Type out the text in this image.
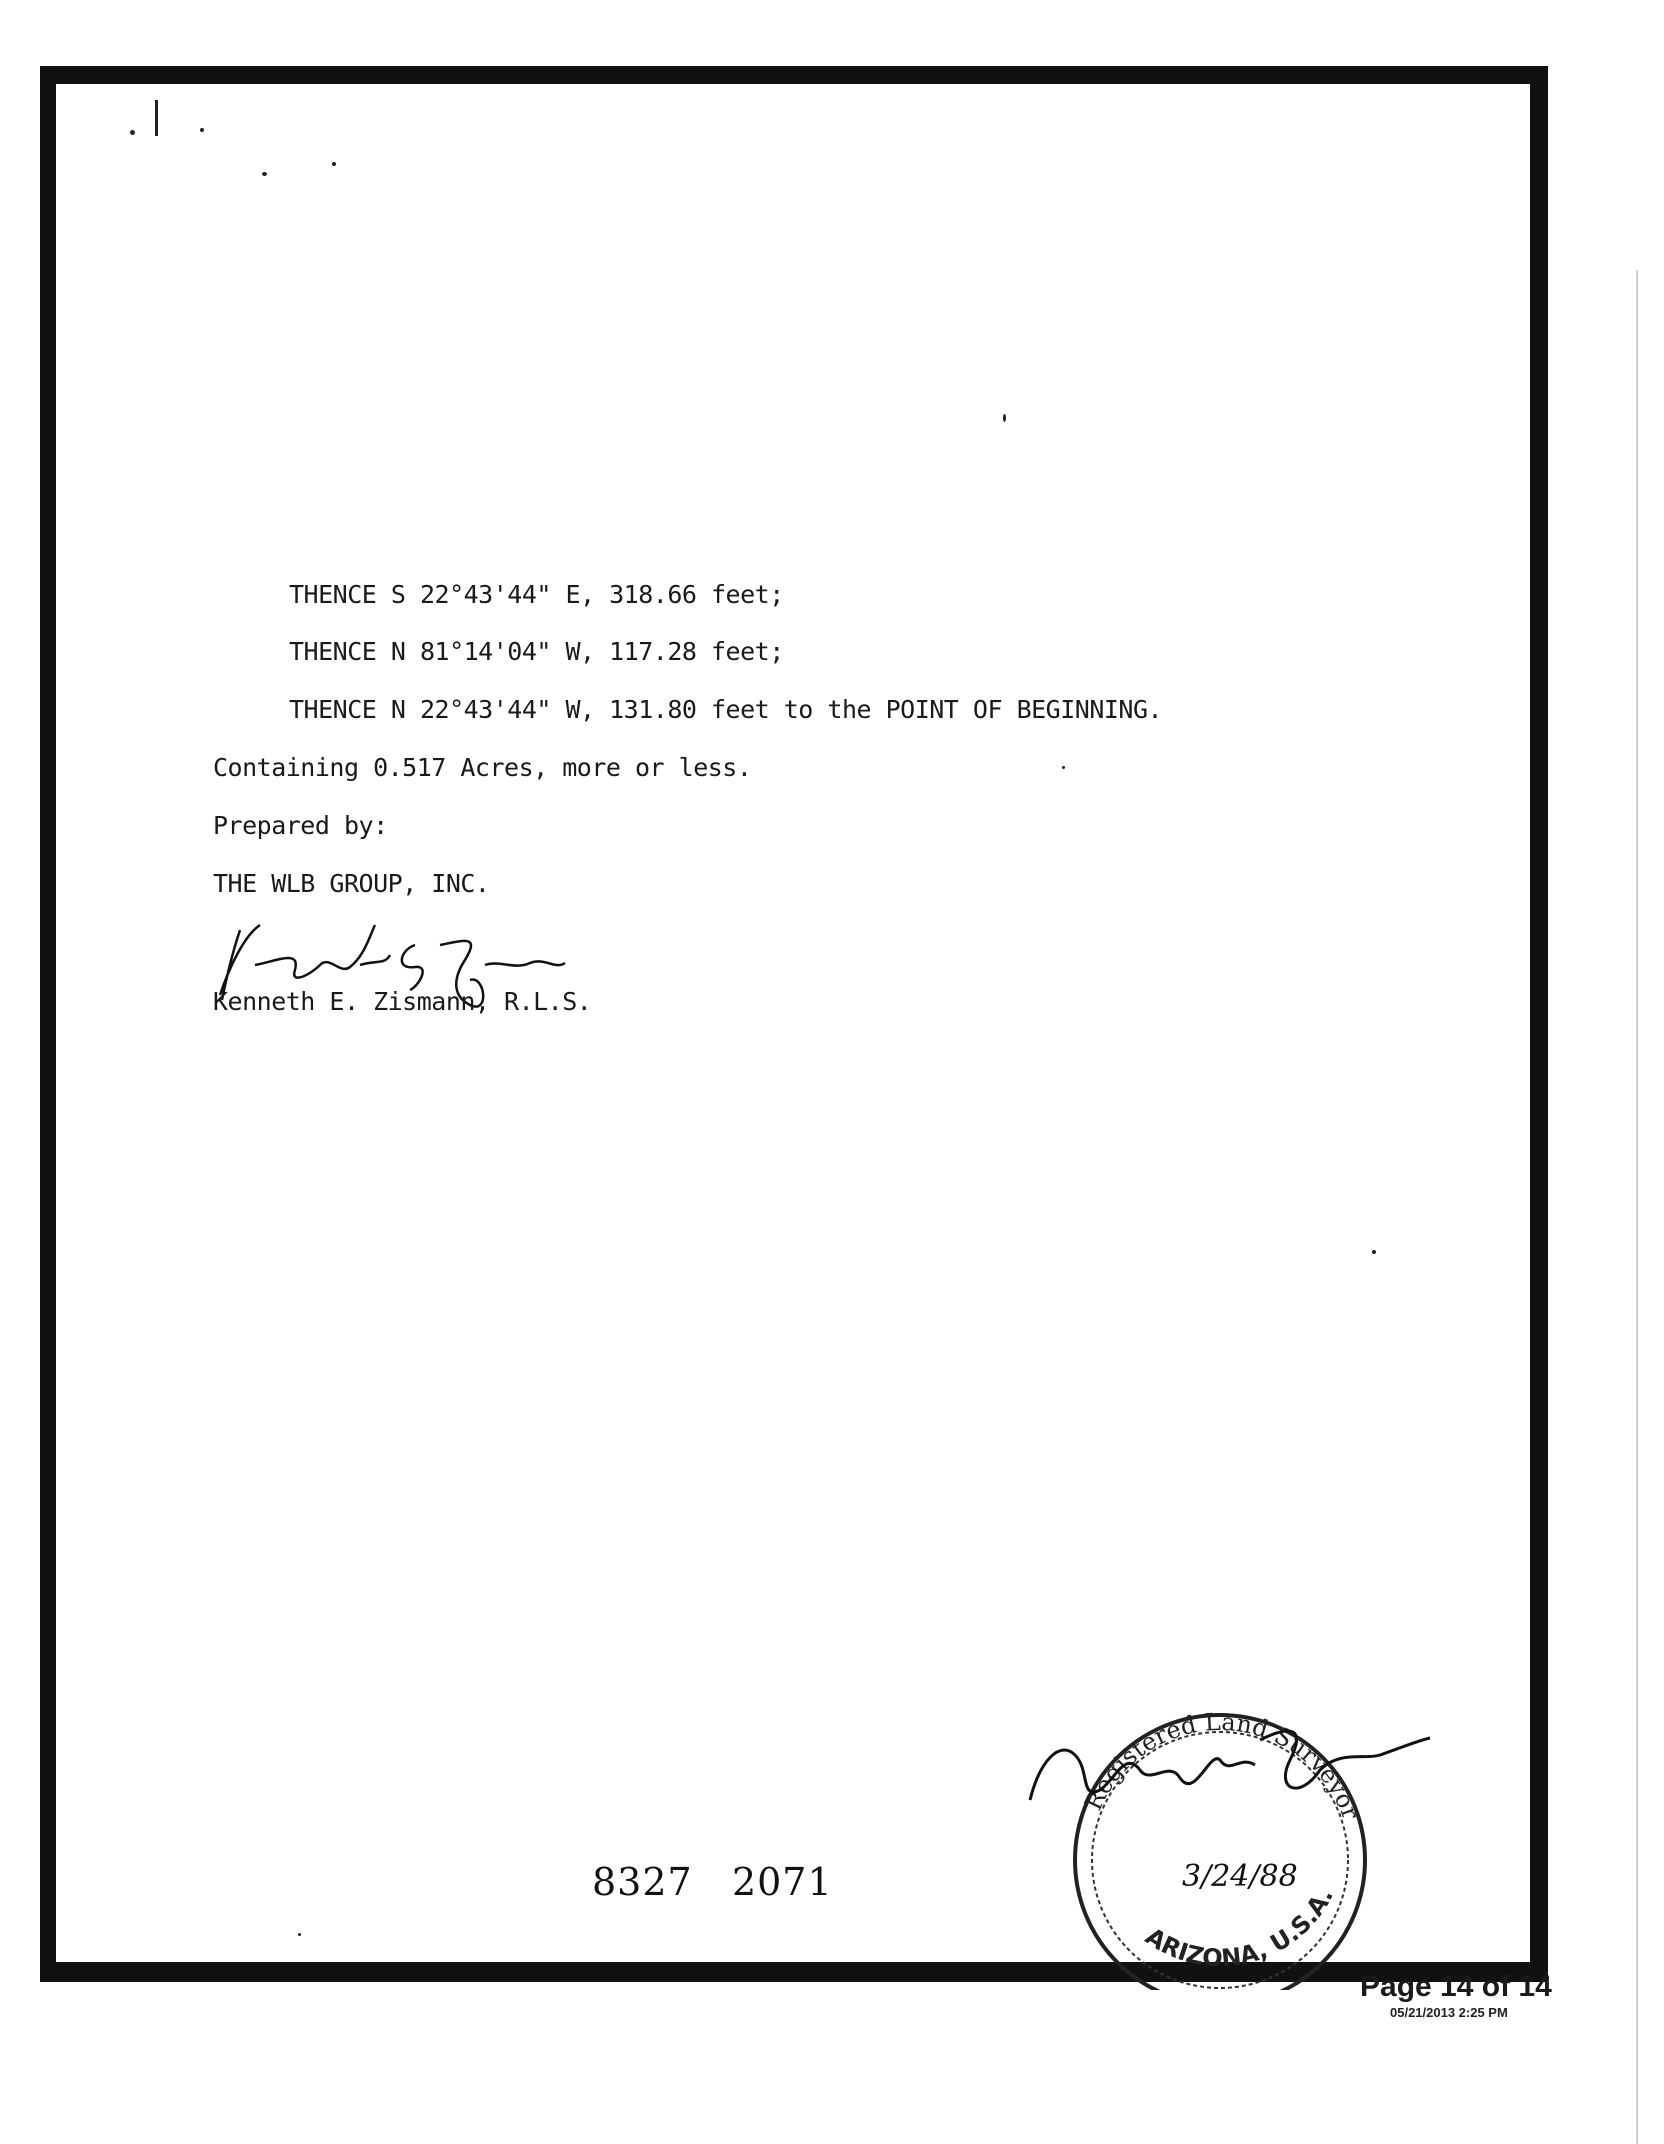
THENCE S 22°43'44" E, 318.66 feet;
THENCE N 81°14'04" W, 117.28 feet;
THENCE N 22°43'44" W, 131.80 feet to the POINT OF BEGINNING.
Containing 0.517 Acres, more or less.
Prepared by:
THE WLB GROUP, INC.
Kenneth E. Zismann, R.L.S.
8327   2071
Registered Land Surveyor
ARIZONA, U.S.A.
3/24/88
Page 14 of 14
05/21/2013 2:25 PM
